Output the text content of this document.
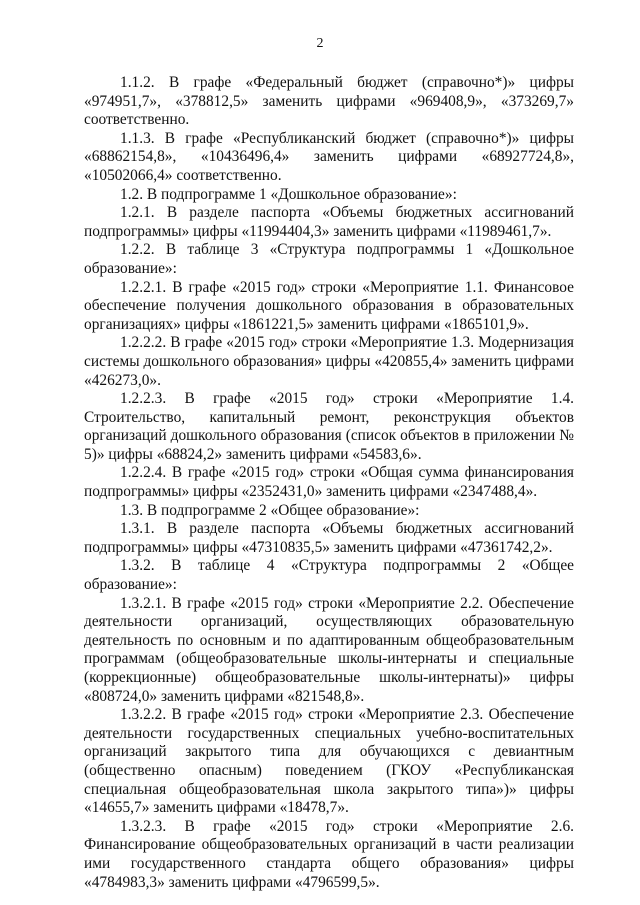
2

1.1.2. В графе «Федеральный бюджет (справочно*)» цифры «974951,7», «378812,5» заменить цифрами «969408,9», «373269,7» соответственно.

1.1.3. В графе «Республиканский бюджет (справочно*)» цифры «68862154,8», «10436496,4» заменить цифрами «68927724,8», «10502066,4» соответственно.

1.2. В подпрограмме 1 «Дошкольное образование»:

1.2.1. В разделе паспорта «Объемы бюджетных ассигнований подпрограммы» цифры «11994404,3» заменить цифрами «11989461,7».

1.2.2. В таблице 3 «Структура подпрограммы 1 «Дошкольное образование»:

1.2.2.1. В графе «2015 год» строки «Мероприятие 1.1. Финансовое обеспечение получения дошкольного образования в образовательных организациях» цифры «1861221,5» заменить цифрами «1865101,9».

1.2.2.2. В графе «2015 год» строки «Мероприятие 1.3. Модернизация системы дошкольного образования» цифры «420855,4» заменить цифрами «426273,0».

1.2.2.3. В графе «2015 год» строки «Мероприятие 1.4. Строительство, капитальный ремонт, реконструкция объектов организаций дошкольного образования (список объектов в приложении № 5)» цифры «68824,2» заменить цифрами «54583,6».

1.2.2.4. В графе «2015 год» строки «Общая сумма финансирования подпрограммы» цифры «2352431,0» заменить цифрами «2347488,4».

1.3. В подпрограмме 2 «Общее образование»:

1.3.1. В разделе паспорта «Объемы бюджетных ассигнований подпрограммы» цифры «47310835,5» заменить цифрами «47361742,2».

1.3.2. В таблице 4 «Структура подпрограммы 2 «Общее образование»:

1.3.2.1. В графе «2015 год» строки «Мероприятие 2.2. Обеспечение деятельности организаций, осуществляющих образовательную деятельность по основным и по адаптированным общеобразовательным программам (общеобразовательные школы-интернаты и специальные (коррекционные) общеобразовательные школы-интернаты)» цифры «808724,0» заменить цифрами «821548,8».

1.3.2.2. В графе «2015 год» строки «Мероприятие 2.3. Обеспечение деятельности государственных специальных учебно-воспитательных организаций закрытого типа для обучающихся с девиантным (общественно опасным) поведением (ГКОУ «Республиканская специальная общеобразовательная школа закрытого типа»)» цифры «14655,7» заменить цифрами «18478,7».

1.3.2.3. В графе «2015 год» строки «Мероприятие 2.6. Финансирование общеобразовательных организаций в части реализации ими государственного стандарта общего образования» цифры «4784983,3» заменить цифрами «4796599,5».
